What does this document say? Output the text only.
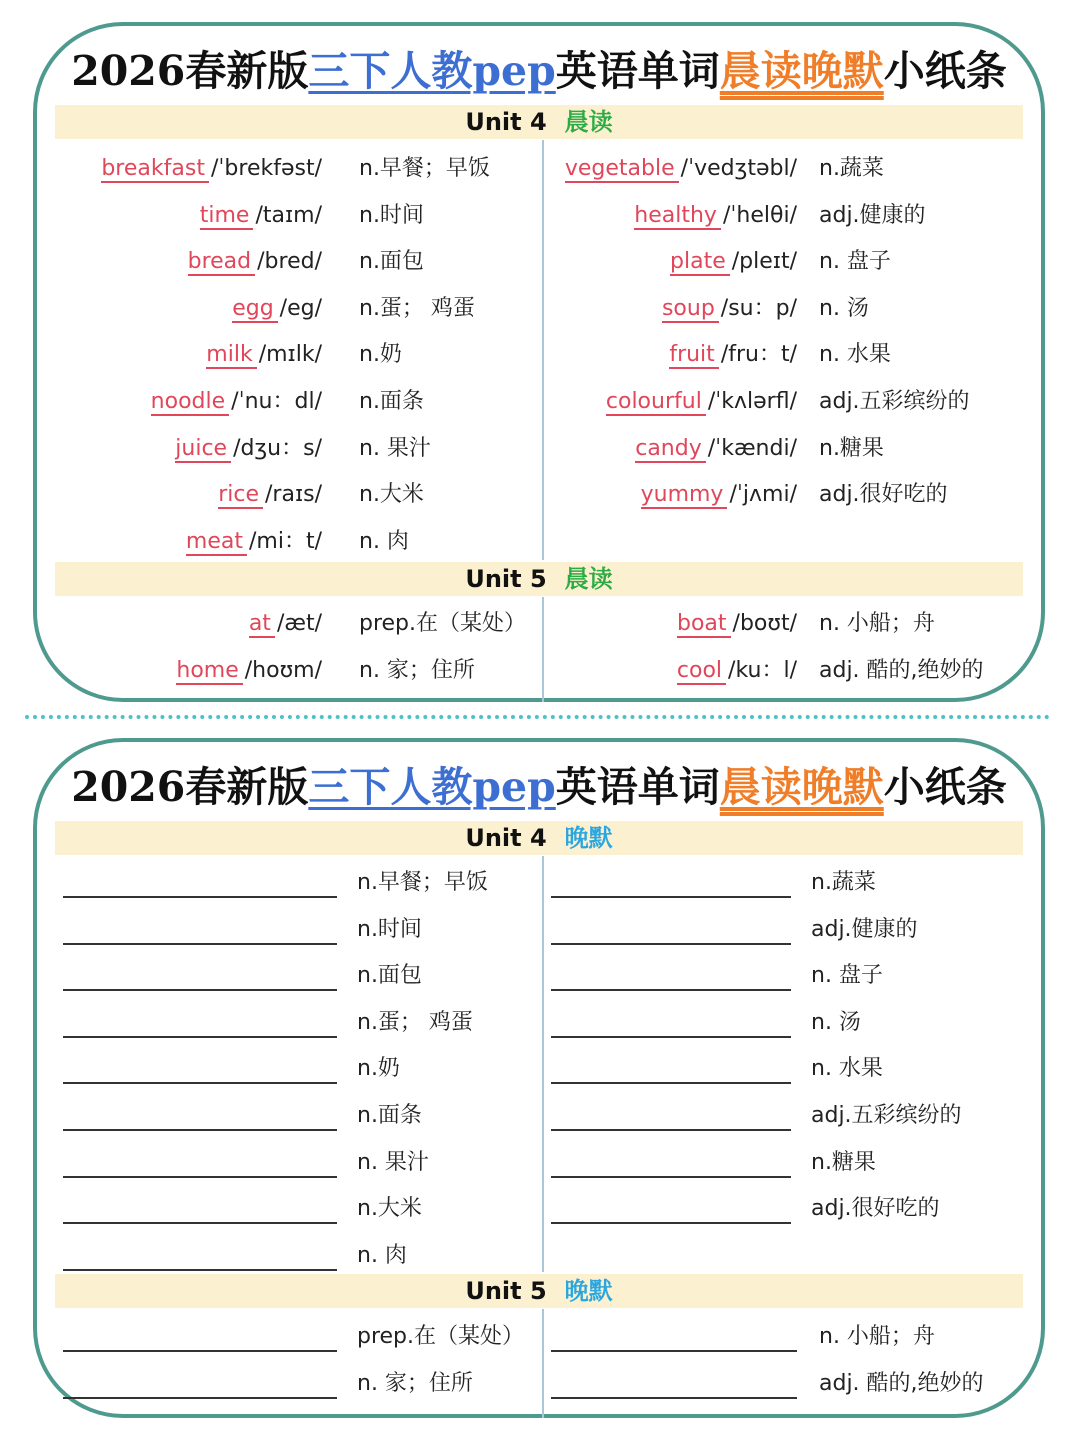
2026春新版三下人教pep英语单词晨读晚默小纸条
Unit 4 晨读
Unit 5 晨读
breakfast /ˈbrekfəst/ n.早餐；早饭
time /taɪm/ n.时间
bread /bred/ n.面包
egg /eg/ n.蛋； 鸡蛋
milk /mɪlk/ n.奶
noodle /ˈnu：dl/ n.面条
juice /dʒu：s/ n. 果汁
rice /raɪs/ n.大米
meat /mi：t/ n. 肉
vegetable /ˈvedʒtəbl/ n.蔬菜
healthy /ˈhelθi/ adj.健康的
plate /pleɪt/ n. 盘子
soup /su：p/ n. 汤
fruit /fru：t/ n. 水果
colourful /ˈkʌlərfl/ adj.五彩缤纷的
candy /ˈkændi/ n.糖果
yummy /ˈjʌmi/ adj.很好吃的
at /æt/ prep.在（某处）
home /hoʊm/ n. 家；住所
boat /boʊt/ n. 小船；舟
cool /ku：l/ adj. 酷的,绝妙的
2026春新版三下人教pep英语单词晨读晚默小纸条
Unit 4 晚默
Unit 5 晚默
n.早餐；早饭
n.时间
n.面包
n.蛋； 鸡蛋
n.奶
n.面条
n. 果汁
n.大米
n. 肉
n.蔬菜
adj.健康的
n. 盘子
n. 汤
n. 水果
adj.五彩缤纷的
n.糖果
adj.很好吃的
prep.在（某处）
n. 家；住所
n. 小船；舟
adj. 酷的,绝妙的
